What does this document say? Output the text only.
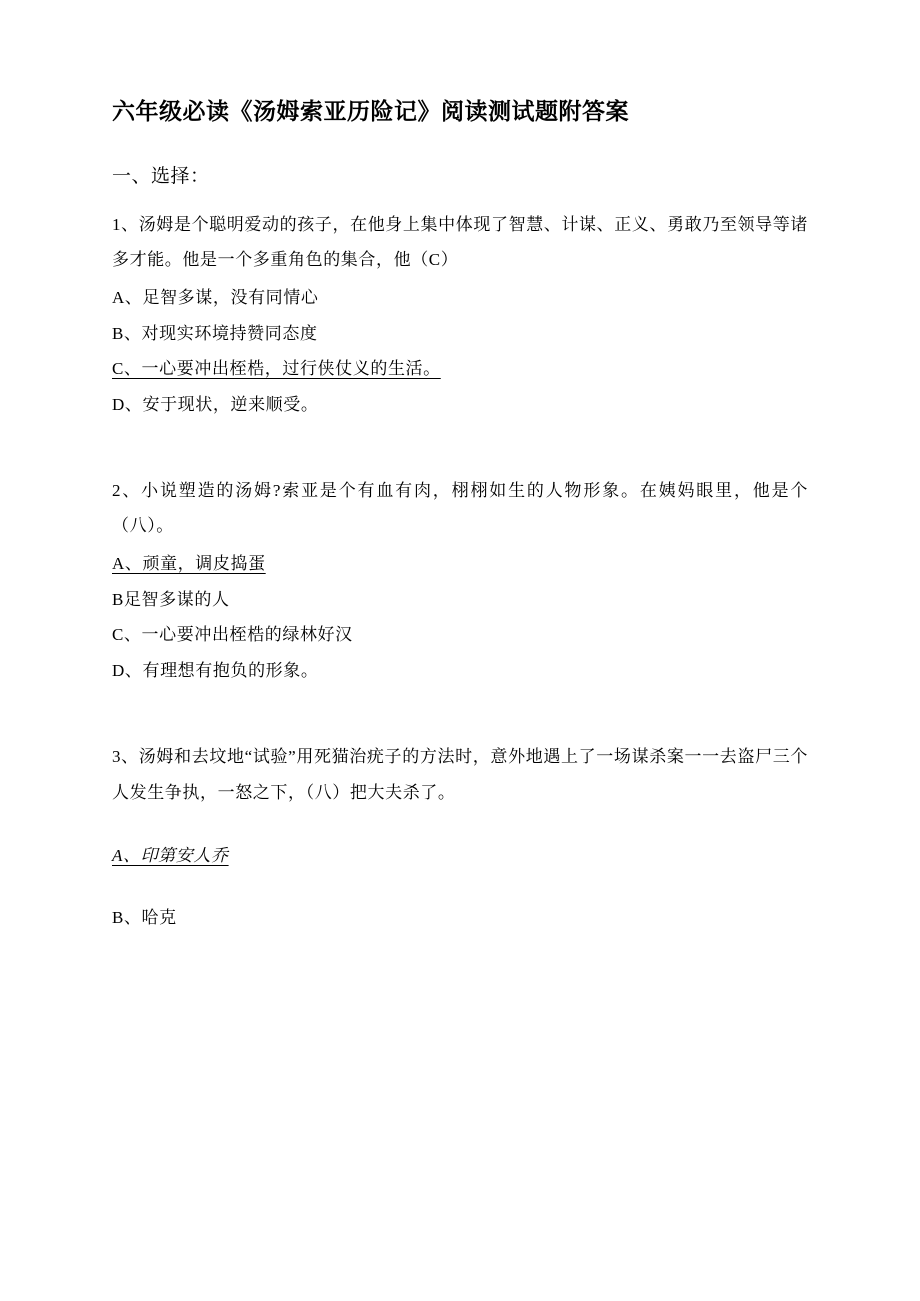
六年级必读《汤姆索亚历险记》阅读测试题附答案
一、选择：

1、汤姆是个聪明爱动的孩子，在他身上集中体现了智慧、计谋、正义、勇敢乃至领导等诸多才能。他是一个多重角色的集合，他（C）

A、足智多谋，没有同情心

B、对现实环境持赞同态度

C、一心要冲出桎梏，过行侠仗义的生活。

D、安于现状，逆来顺受。

2、小说塑造的汤姆?索亚是个有血有肉，栩栩如生的人物形象。在姨妈眼里，他是个（八）。

A、顽童，调皮捣蛋

B足智多谋的人

C、一心要冲出桎梏的绿林好汉

D、有理想有抱负的形象。

3、汤姆和去坟地“试验”用死猫治疣子的方法时，意外地遇上了一场谋杀案一一去盗尸三个人发生争执，一怒之下，（八）把大夫杀了。

A、印第安人乔

B、哈克
